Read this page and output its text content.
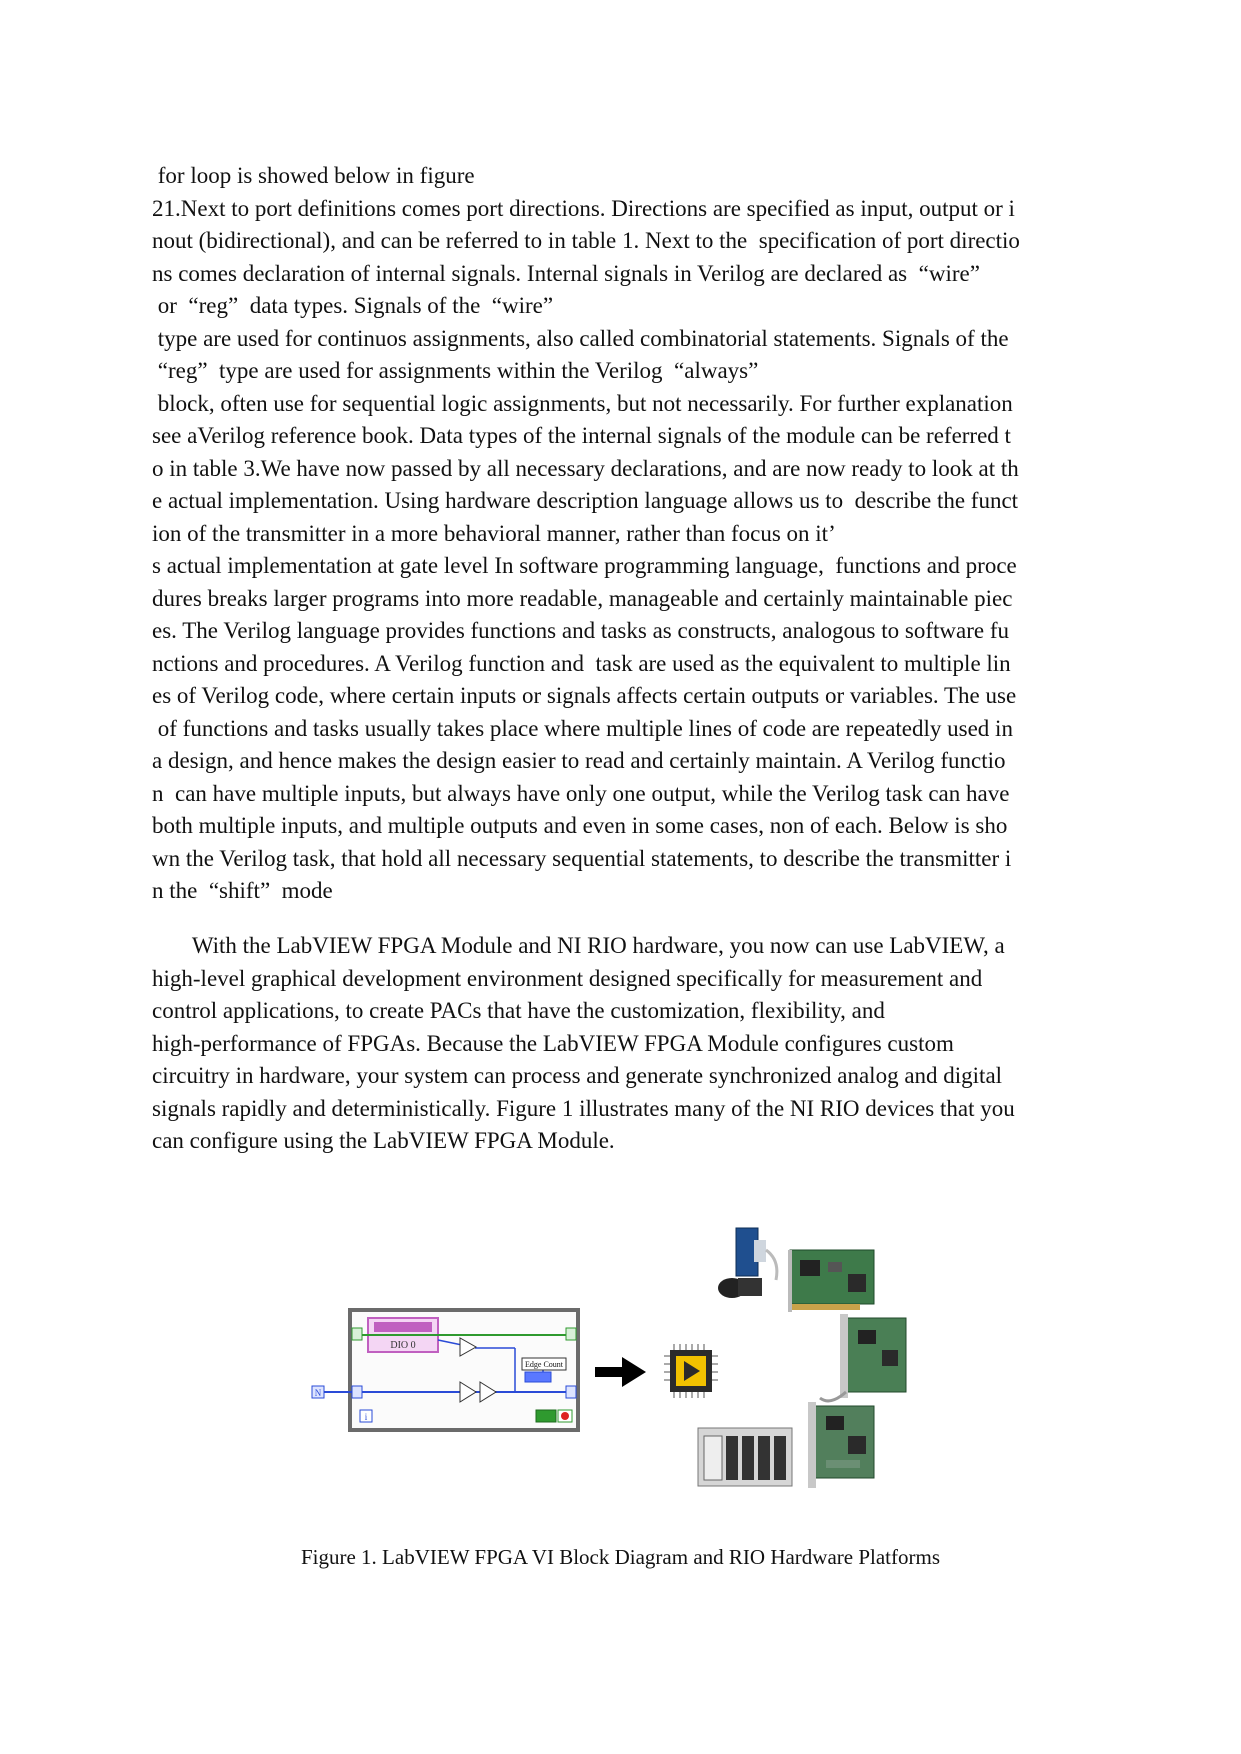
for loop is showed below in figure
21.Next to port definitions comes port directions. Directions are specified as input, output or i
nout (bidirectional), and can be referred to in table 1. Next to the  specification of port directio
ns comes declaration of internal signals. Internal signals in Verilog are declared as  “wire”
or  “reg”  data types. Signals of the  “wire”
type are used for continuos assignments, also called combinatorial statements. Signals of the
“reg”  type are used for assignments within the Verilog  “always”
block, often use for sequential logic assignments, but not necessarily. For further explanation
see aVerilog reference book. Data types of the internal signals of the module can be referred t
o in table 3.We have now passed by all necessary declarations, and are now ready to look at th
e actual implementation. Using hardware description language allows us to  describe the funct
ion of the transmitter in a more behavioral manner, rather than focus on it’
s actual implementation at gate level In software programming language,  functions and proce
dures breaks larger programs into more readable, manageable and certainly maintainable piec
es. The Verilog language provides functions and tasks as constructs, analogous to software fu
nctions and procedures. A Verilog function and  task are used as the equivalent to multiple lin
es of Verilog code, where certain inputs or signals affects certain outputs or variables. The use
of functions and tasks usually takes place where multiple lines of code are repeatedly used in
a design, and hence makes the design easier to read and certainly maintain. A Verilog functio
n  can have multiple inputs, but always have only one output, while the Verilog task can have
both multiple inputs, and multiple outputs and even in some cases, non of each. Below is sho
wn the Verilog task, that hold all necessary sequential statements, to describe the transmitter i
n the  “shift”  mode
With the LabVIEW FPGA Module and NI RIO hardware, you now can use LabVIEW, a
high-level graphical development environment designed specifically for measurement and
control applications, to create PACs that have the customization, flexibility, and
high-performance of FPGAs. Because the LabVIEW FPGA Module configures custom
circuitry in hardware, your system can process and generate synchronized analog and digital
signals rapidly and deterministically. Figure 1 illustrates many of the NI RIO devices that you
can configure using the LabVIEW FPGA Module.
DIO 0
N
i
Edge Count
Figure 1. LabVIEW FPGA VI Block Diagram and RIO Hardware Platforms
